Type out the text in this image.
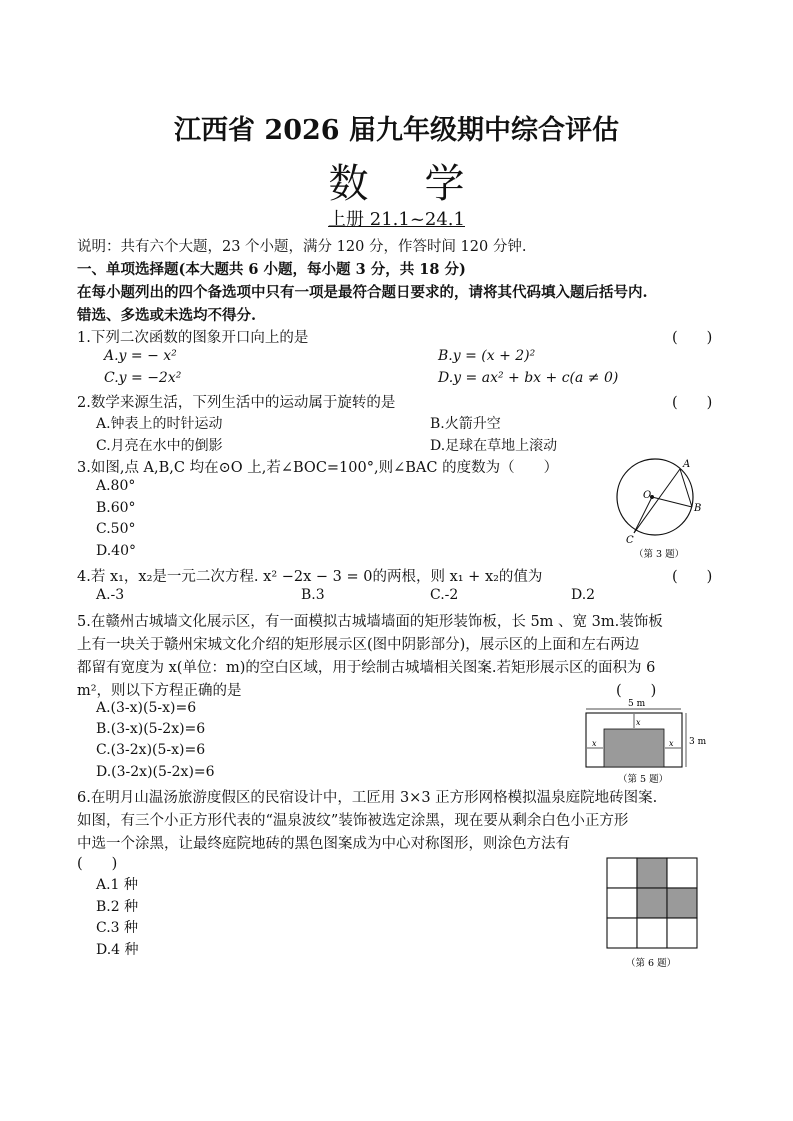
江西省 2026 届九年级期中综合评估
数学
上册 21.1~24.1
说明：共有六个大题，23 个小题，满分 120 分，作答时间 120 分钟.
一、单项选择题(本大题共 6 小题，每小题 3 分，共 18 分)
在每小题列出的四个备选项中只有一项是最符合题日要求的，请将其代码填入题后括号内.
错选、多选或未选均不得分.
1.下列二次函数的图象开口向上的是	(　　)
A.y = − x²	B.y = (x + 2)²
C.y = −2x²	D.y = ax² + bx + c(a ≠ 0)
2.数学来源生活，下列生活中的运动属于旋转的是	(　　)
A.钟表上的时针运动	B.火箭升空
C.月亮在水中的倒影	D.足球在草地上滚动
3.如图,点 A,B,C 均在⊙O 上,若∠BOC=100°,则∠BAC 的度数为（　　）
A.80°
B.60°
C.50°
D.40°
A
B
C
O
（第 3 题）
4.若 x₁，x₂是一元二次方程. x² −2x − 3 = 0的两根，则 x₁ + x₂的值为	(　　)
A.-3	B.3	C.-2	D.2
5.在赣州古城墙文化展示区，有一面模拟古城墙墙面的矩形装饰板，长 5m 、宽 3m.装饰板
上有一块关于赣州宋城文化介绍的矩形展示区(图中阴影部分)，展示区的上面和左右两边
都留有宽度为 x(单位：m)的空白区域，用于绘制古城墙相关图案.若矩形展示区的面积为 6
m²，则以下方程正确的是	(　　)
A.(3-x)(5-x)=6
B.(3-x)(5-2x)=6
C.(3-2x)(5-x)=6
D.(3-2x)(5-2x)=6
5 m
x
x	x 3 m
（第 5 题）
6.在明月山温汤旅游度假区的民宿设计中，工匠用 3×3 正方形网格模拟温泉庭院地砖图案.
如图，有三个小正方形代表的“温泉波纹”装饰被选定涂黑，现在要从剩余白色小正方形
中选一个涂黑，让最终庭院地砖的黑色图案成为中心对称图形，则涂色方法有
(　　)
A.1 种
B.2 种
C.3 种
D.4 种
（第 6 题）
